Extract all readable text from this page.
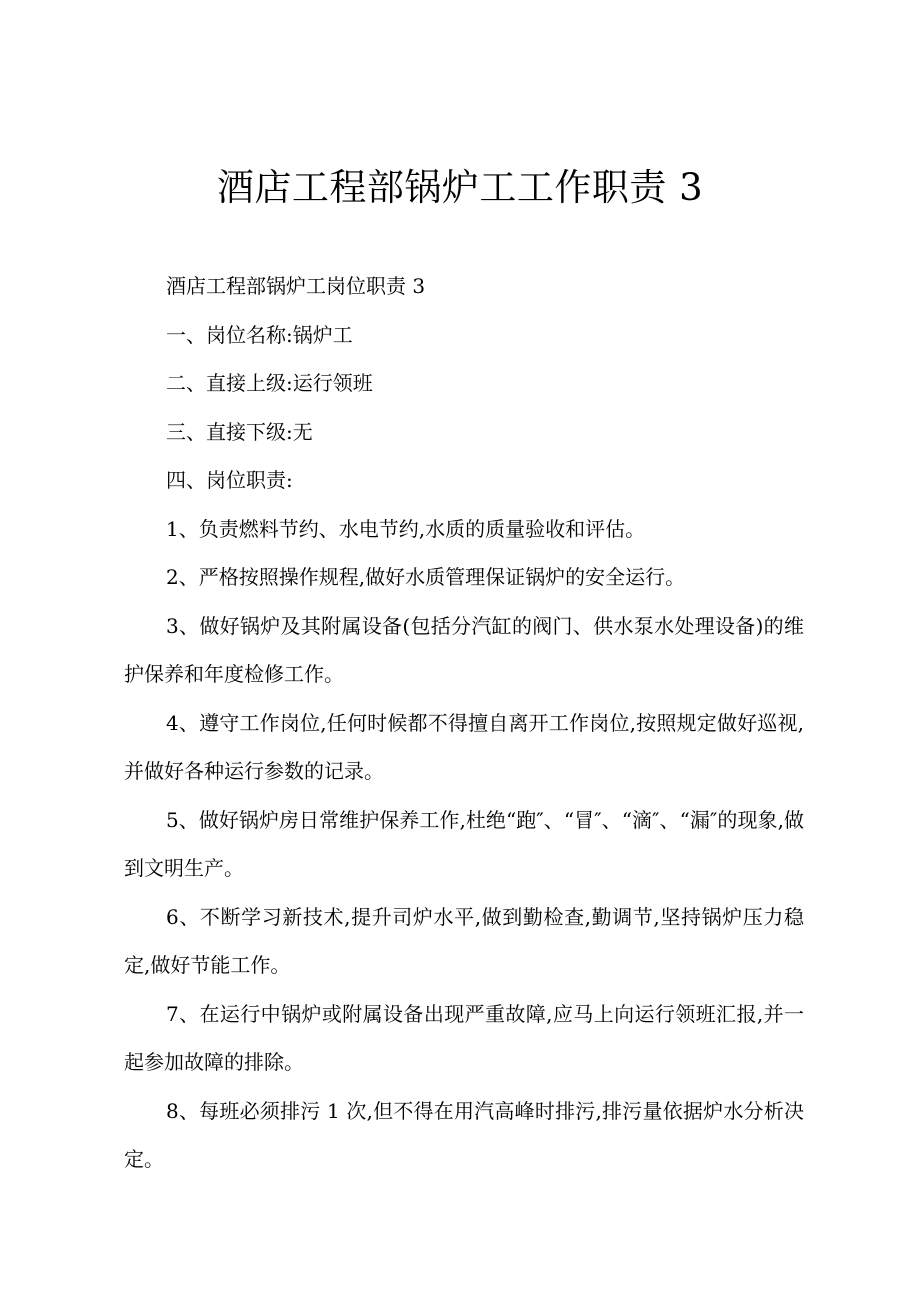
酒店工程部锅炉工工作职责 3

酒店工程部锅炉工岗位职责 3

一、岗位名称:锅炉工

二、直接上级:运行领班

三、直接下级:无

四、岗位职责:

1、负责燃料节约、水电节约,水质的质量验收和评估。

2、严格按照操作规程,做好水质管理保证锅炉的安全运行。

3、做好锅炉及其附属设备(包括分汽缸的阀门、供水泵水处理设备)的维护保养和年度检修工作。

4、遵守工作岗位,任何时候都不得擅自离开工作岗位,按照规定做好巡视,并做好各种运行参数的记录。

5、做好锅炉房日常维护保养工作,杜绝“跑″、“冒″、“滴″、“漏″的现象,做到文明生产。

6、不断学习新技术,提升司炉水平,做到勤检查,勤调节,坚持锅炉压力稳定,做好节能工作。

7、在运行中锅炉或附属设备出现严重故障,应马上向运行领班汇报,并一起参加故障的排除。

8、每班必须排污 1 次,但不得在用汽高峰时排污,排污量依据炉水分析决定。
